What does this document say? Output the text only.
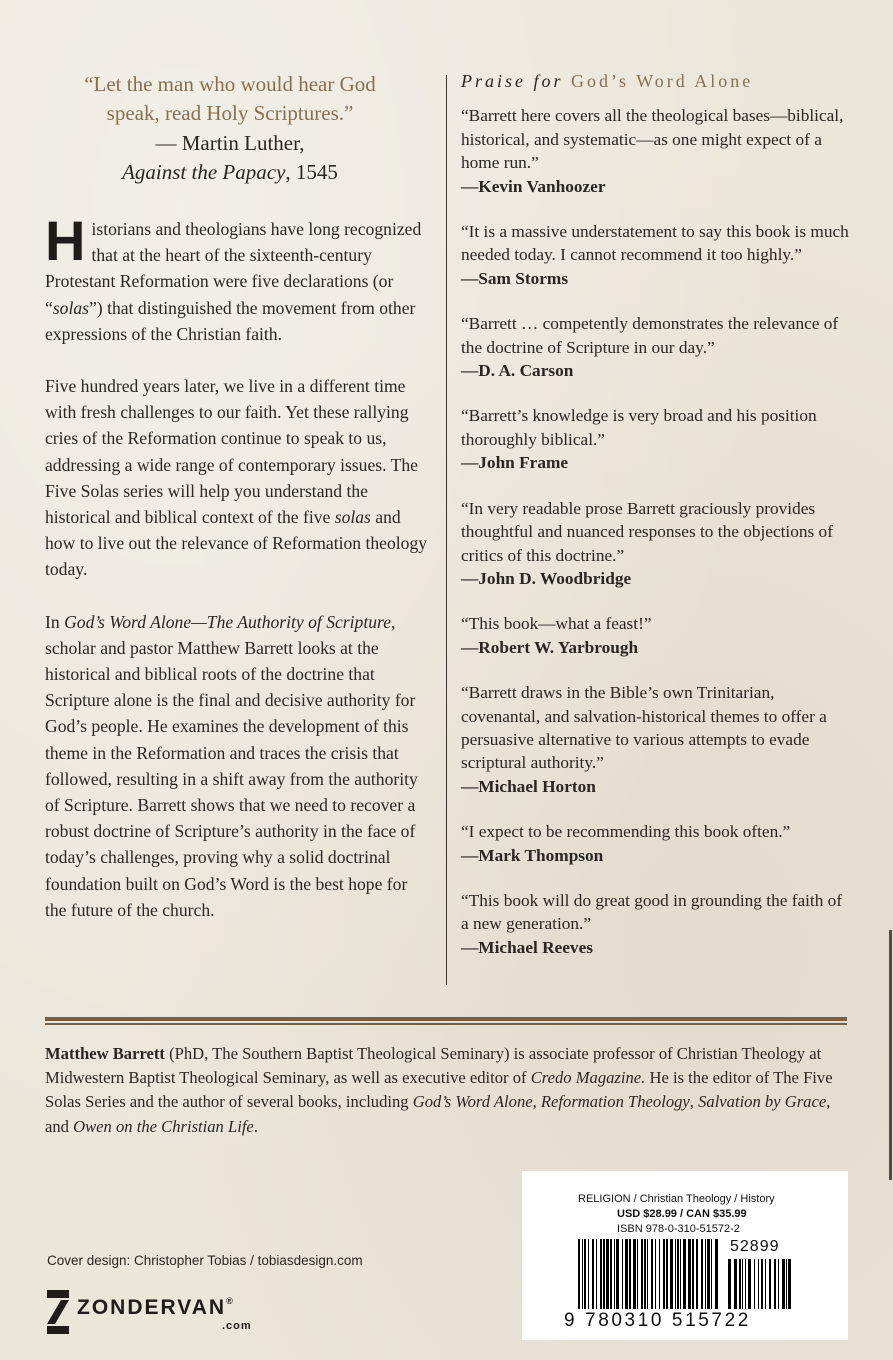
“Let the man who would hear God
speak, read Holy Scriptures.”
— Martin Luther,
Against the Papacy, 1545

Historians and theologians have long recognized that at the heart of the sixteenth-century Protestant Reformation were five declarations (or “solas”) that distinguished the movement from other expressions of the Christian faith.

Five hundred years later, we live in a different time with fresh challenges to our faith. Yet these rallying cries of the Reformation continue to speak to us, addressing a wide range of contemporary issues. The Five Solas series will help you understand the historical and biblical context of the five solas and how to live out the relevance of Reformation theology today.

In God’s Word Alone—The Authority of Scripture, scholar and pastor Matthew Barrett looks at the historical and biblical roots of the doctrine that Scripture alone is the final and decisive authority for God’s people. He examines the development of this theme in the Reformation and traces the crisis that followed, resulting in a shift away from the authority of Scripture. Barrett shows that we need to recover a robust doctrine of Scripture’s authority in the face of today’s challenges, proving why a solid doctrinal foundation built on God’s Word is the best hope for the future of the church.

Praise for God’s Word Alone
“Barrett here covers all the theological bases—biblical, historical, and systematic—as one might expect of a home run.”
—Kevin Vanhoozer
“It is a massive understatement to say this book is much needed today. I cannot recommend it too highly.”
—Sam Storms
“Barrett … competently demonstrates the relevance of the doctrine of Scripture in our day.”
—D. A. Carson
“Barrett’s knowledge is very broad and his position thoroughly biblical.”
—John Frame
“In very readable prose Barrett graciously provides thoughtful and nuanced responses to the objections of critics of this doctrine.”
—John D. Woodbridge
“This book—what a feast!”
—Robert W. Yarbrough
“Barrett draws in the Bible’s own Trinitarian, covenantal, and salvation-historical themes to offer a persuasive alternative to various attempts to evade scriptural authority.”
—Michael Horton
“I expect to be recommending this book often.”
—Mark Thompson
“This book will do great good in grounding the faith of a new generation.”
—Michael Reeves
Matthew Barrett (PhD, The Southern Baptist Theological Seminary) is associate professor of Christian Theology at Midwestern Baptist Theological Seminary, as well as executive editor of Credo Magazine. He is the editor of The Five Solas Series and the author of several books, including God’s Word Alone, Reformation Theology, Salvation by Grace, and Owen on the Christian Life.
Cover design: Christopher Tobias / tobiasdesign.com
ZONDERVAN®
.com
RELIGION / Christian Theology / History
USD $28.99 / CAN $35.99
ISBN 978-0-310-51572-2
52899
9 780310 515722
